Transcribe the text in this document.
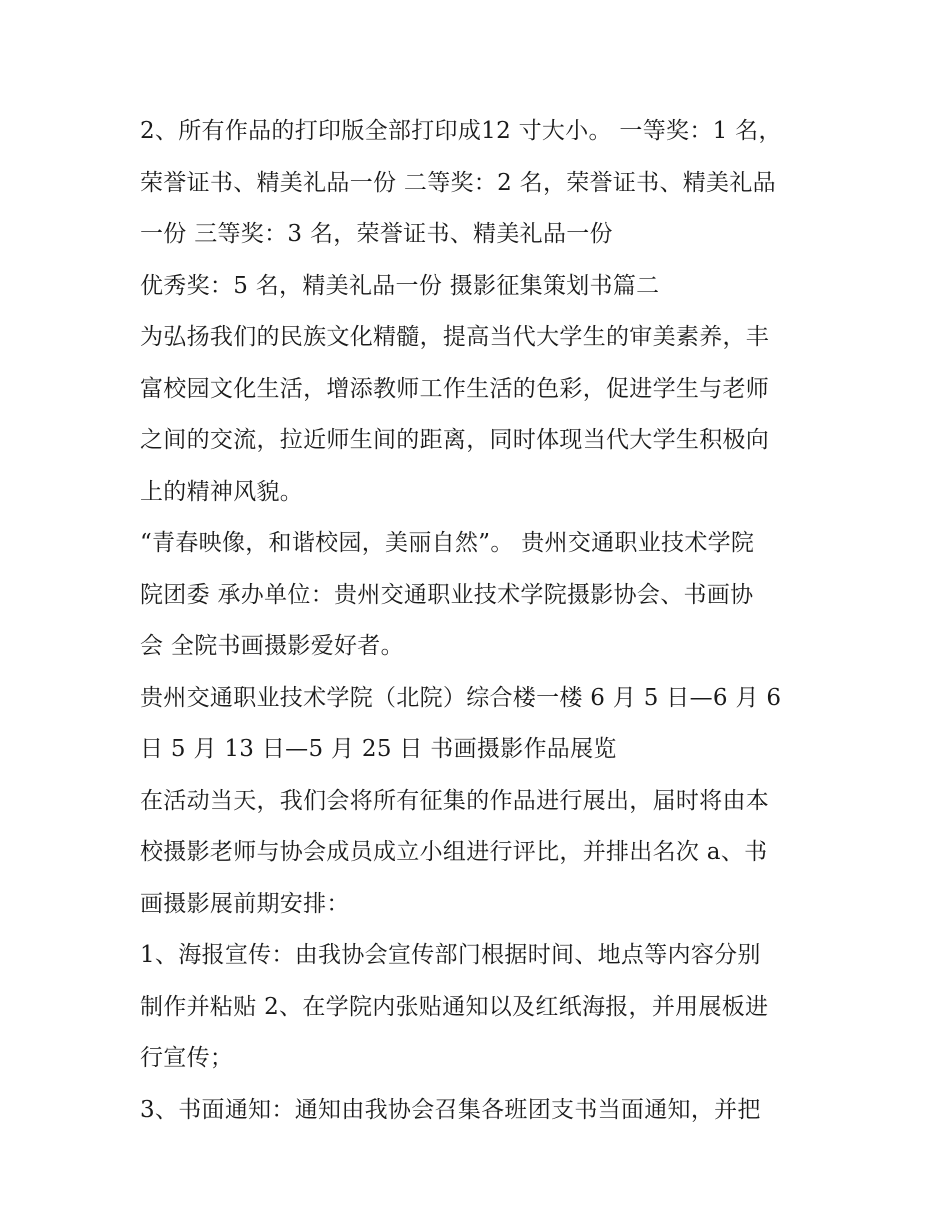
2、所有作品的打印版全部打印成12 寸大小。 一等奖：1 名，
荣誉证书、精美礼品一份 二等奖：2 名，荣誉证书、精美礼品
一份 三等奖：3 名，荣誉证书、精美礼品一份
优秀奖：5 名，精美礼品一份 摄影征集策划书篇二
为弘扬我们的民族文化精髓，提高当代大学生的审美素养，丰
富校园文化生活，增添教师工作生活的色彩，促进学生与老师
之间的交流，拉近师生间的距离，同时体现当代大学生积极向
上的精神风貌。
“青春映像，和谐校园，美丽自然”。 贵州交通职业技术学院
院团委 承办单位：贵州交通职业技术学院摄影协会、书画协
会 全院书画摄影爱好者。
贵州交通职业技术学院（北院）综合楼一楼 6 月 5 日—6 月 6
日 5 月 13 日—5 月 25 日 书画摄影作品展览
在活动当天，我们会将所有征集的作品进行展出，届时将由本
校摄影老师与协会成员成立小组进行评比，并排出名次 a、书
画摄影展前期安排：
1、海报宣传：由我协会宣传部门根据时间、地点等内容分别
制作并粘贴 2、在学院内张贴通知以及红纸海报，并用展板进
行宣传；
3、书面通知：通知由我协会召集各班团支书当面通知，并把
